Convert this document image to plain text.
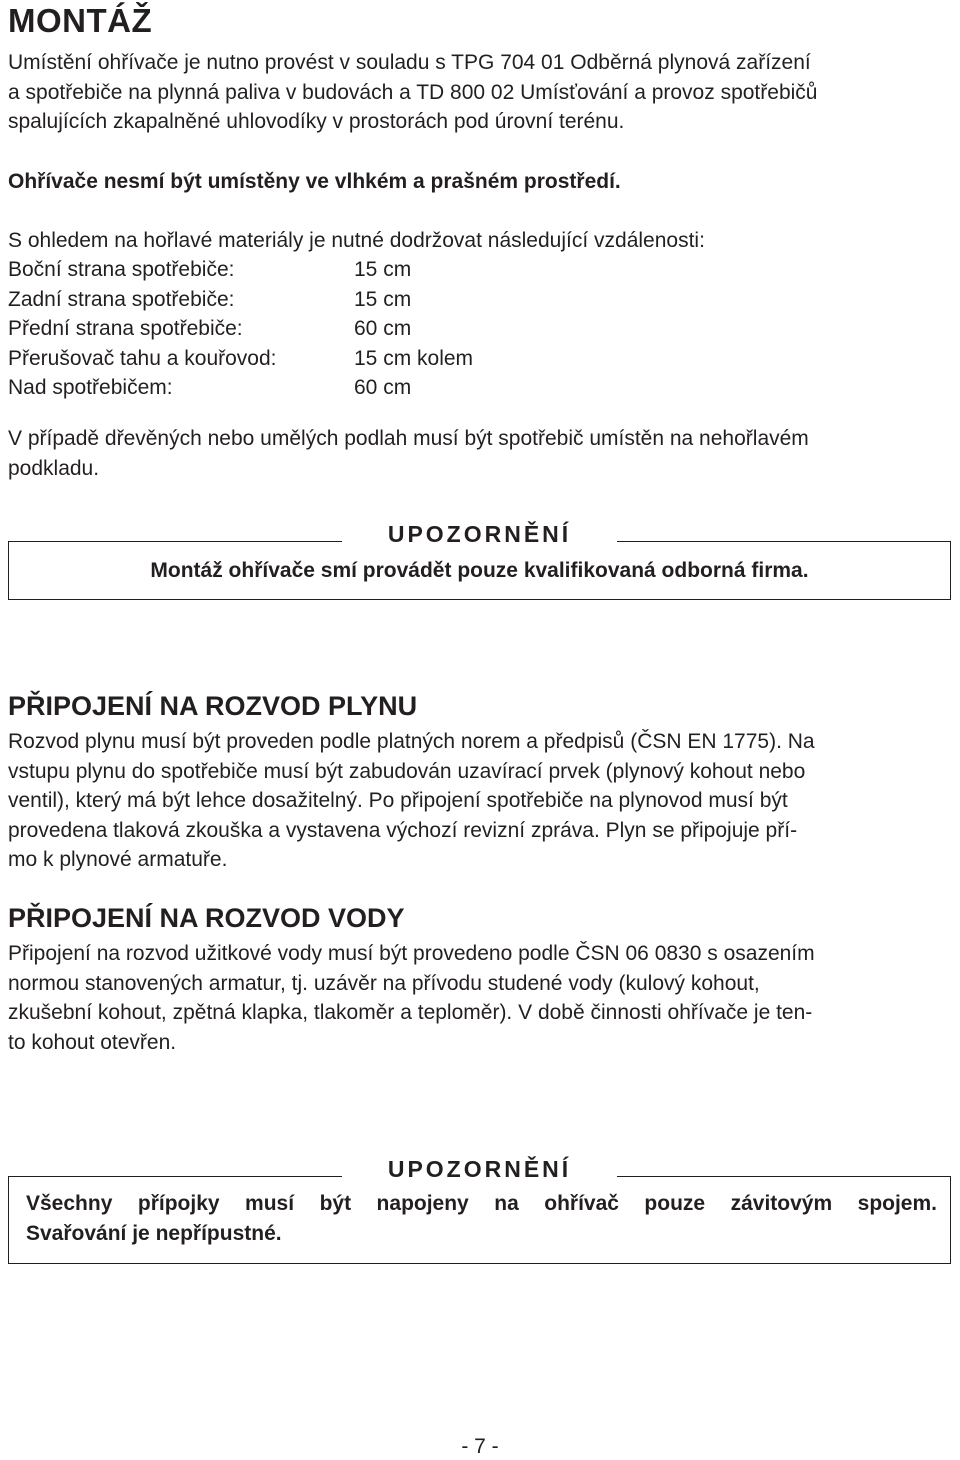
MONTÁŽ
Umístění ohřívače je nutno provést v souladu s TPG 704 01 Odběrná plynová zařízení
a spotřebiče na plynná paliva v budovách a TD 800 02 Umísťování a provoz spotřebičů
spalujících zkapalněné uhlovodíky v prostorách pod úrovní terénu.
Ohřívače nesmí být umístěny ve vlhkém a prašném prostředí.
S ohledem na hořlavé materiály je nutné dodržovat následující vzdálenosti:
Boční strana spotřebiče:	15 cm
Zadní strana spotřebiče:	15 cm
Přední strana spotřebiče:	60 cm
Přerušovač tahu a kouřovod:	15 cm kolem
Nad spotřebičem:	60 cm
V případě dřevěných nebo umělých podlah musí být spotřebič umístěn na nehořlavém
podkladu.
UPOZORNĚNÍ
Montáž ohřívače smí provádět pouze kvalifikovaná odborná firma.
PŘIPOJENÍ NA ROZVOD PLYNU
Rozvod plynu musí být proveden podle platných norem a předpisů (ČSN EN 1775). Na
vstupu plynu do spotřebiče musí být zabudován uzavírací prvek (plynový kohout nebo
ventil), který má být lehce dosažitelný. Po připojení spotřebiče na plynovod musí být
provedena tlaková zkouška a vystavena výchozí revizní zpráva. Plyn se připojuje pří-
mo k plynové armatuře.
PŘIPOJENÍ NA ROZVOD VODY
Připojení na rozvod užitkové vody musí být provedeno podle ČSN 06 0830 s osazením
normou stanovených armatur, tj. uzávěr na přívodu studené vody (kulový kohout,
zkušební kohout, zpětná klapka, tlakoměr a teploměr). V době činnosti ohřívače je ten-
to kohout otevřen.
UPOZORNĚNÍ
Všechny přípojky musí být napojeny na ohřívač pouze závitovým spojem.
Svařování je nepřípustné.
- 7 -
